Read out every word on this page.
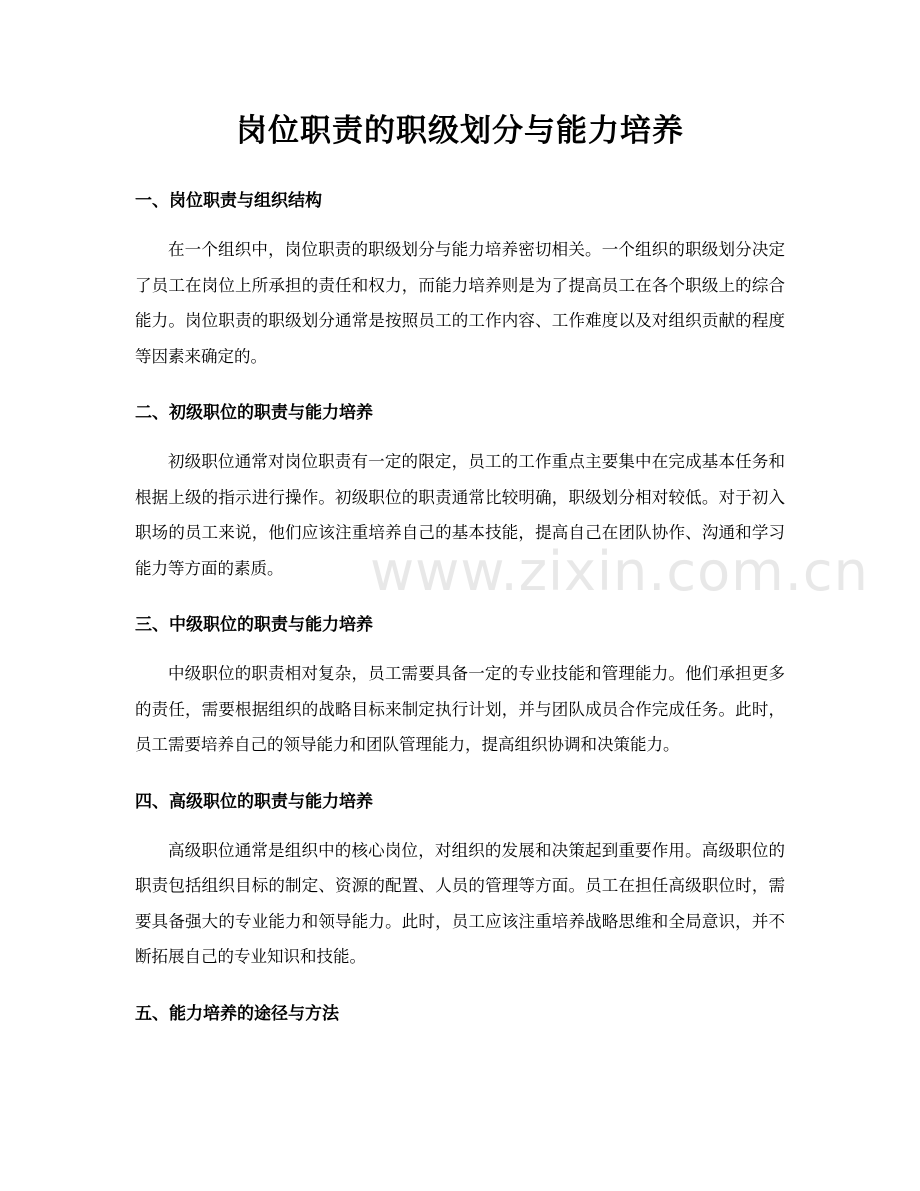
岗位职责的职级划分与能力培养
一、岗位职责与组织结构

在一个组织中，岗位职责的职级划分与能力培养密切相关。一个组织的职级划分决定了员工在岗位上所承担的责任和权力，而能力培养则是为了提高员工在各个职级上的综合能力。岗位职责的职级划分通常是按照员工的工作内容、工作难度以及对组织贡献的程度等因素来确定的。

二、初级职位的职责与能力培养

初级职位通常对岗位职责有一定的限定，员工的工作重点主要集中在完成基本任务和根据上级的指示进行操作。初级职位的职责通常比较明确，职级划分相对较低。对于初入职场的员工来说，他们应该注重培养自己的基本技能，提高自己在团队协作、沟通和学习能力等方面的素质。

三、中级职位的职责与能力培养

中级职位的职责相对复杂，员工需要具备一定的专业技能和管理能力。他们承担更多的责任，需要根据组织的战略目标来制定执行计划，并与团队成员合作完成任务。此时，员工需要培养自己的领导能力和团队管理能力，提高组织协调和决策能力。

四、高级职位的职责与能力培养

高级职位通常是组织中的核心岗位，对组织的发展和决策起到重要作用。高级职位的职责包括组织目标的制定、资源的配置、人员的管理等方面。员工在担任高级职位时，需要具备强大的专业能力和领导能力。此时，员工应该注重培养战略思维和全局意识，并不断拓展自己的专业知识和技能。

五、能力培养的途径与方法
www.zixin.com.cn
